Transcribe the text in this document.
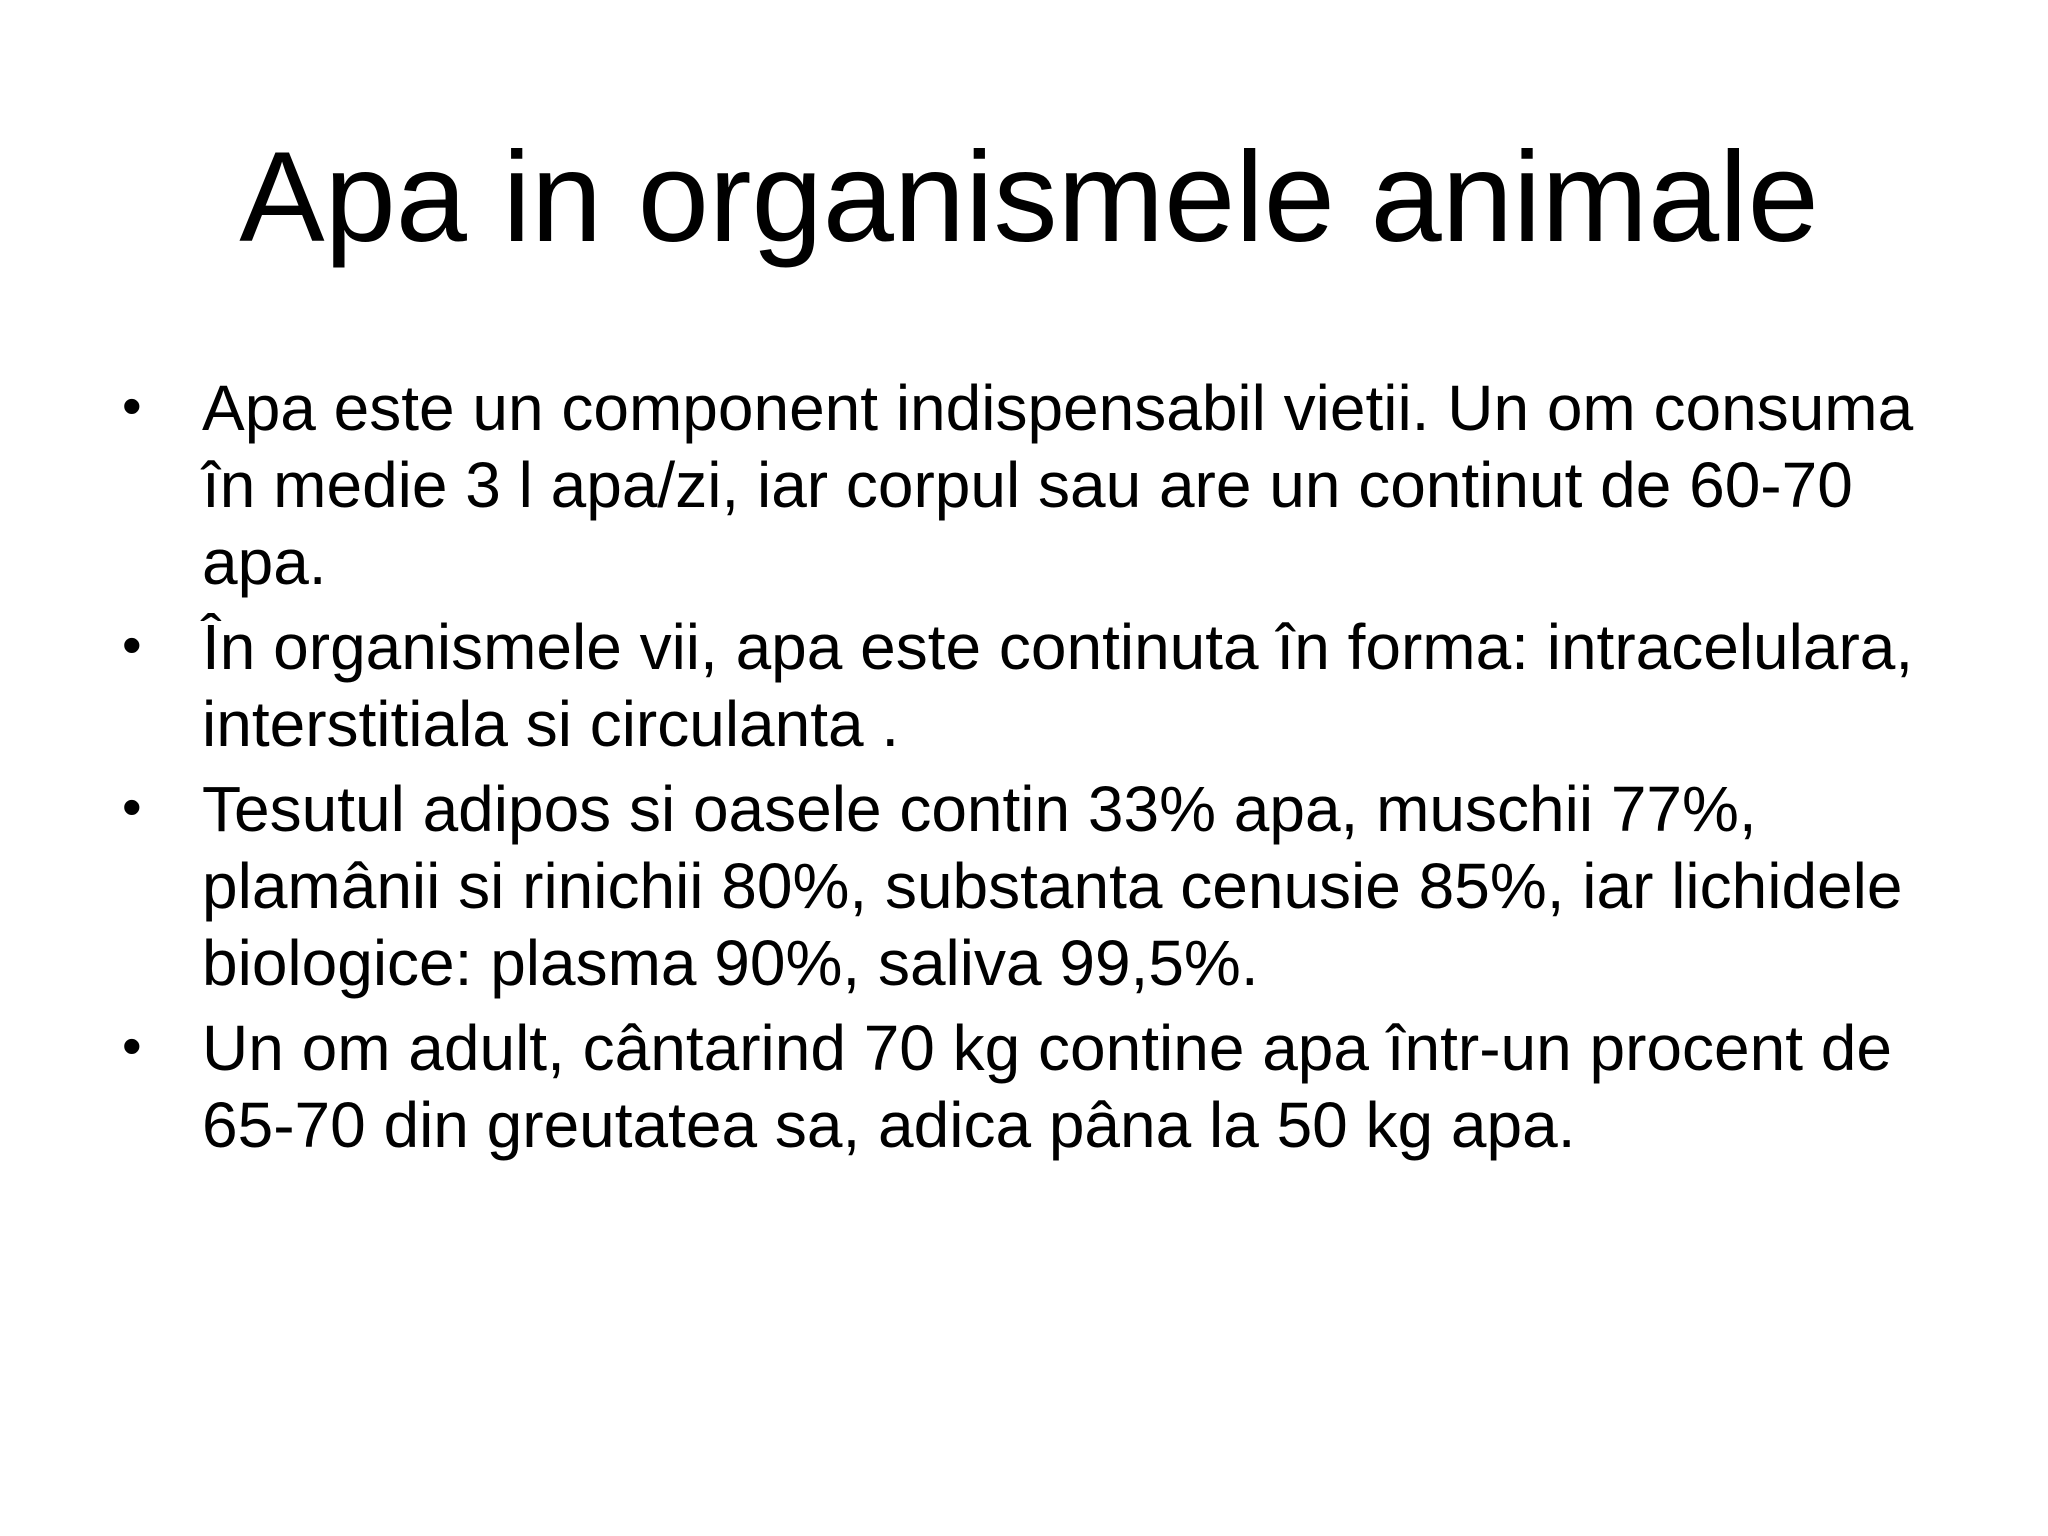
Apa in organismele animale
• Apa este un component indispensabil vietii. Un om consuma în medie 3 l apa/zi, iar corpul sau are un continut de 60-70 apa.
• În organismele vii, apa este continuta în forma: intracelulara, interstitiala si circulanta .
• Tesutul adipos si oasele contin 33% apa, muschii 77%, plamânii si rinichii 80%, substanta cenusie 85%, iar lichidele biologice: plasma 90%, saliva 99,5%.
• Un om adult, cântarind 70 kg contine apa într-un procent de 65-70 din greutatea sa, adica pâna la 50 kg apa.
